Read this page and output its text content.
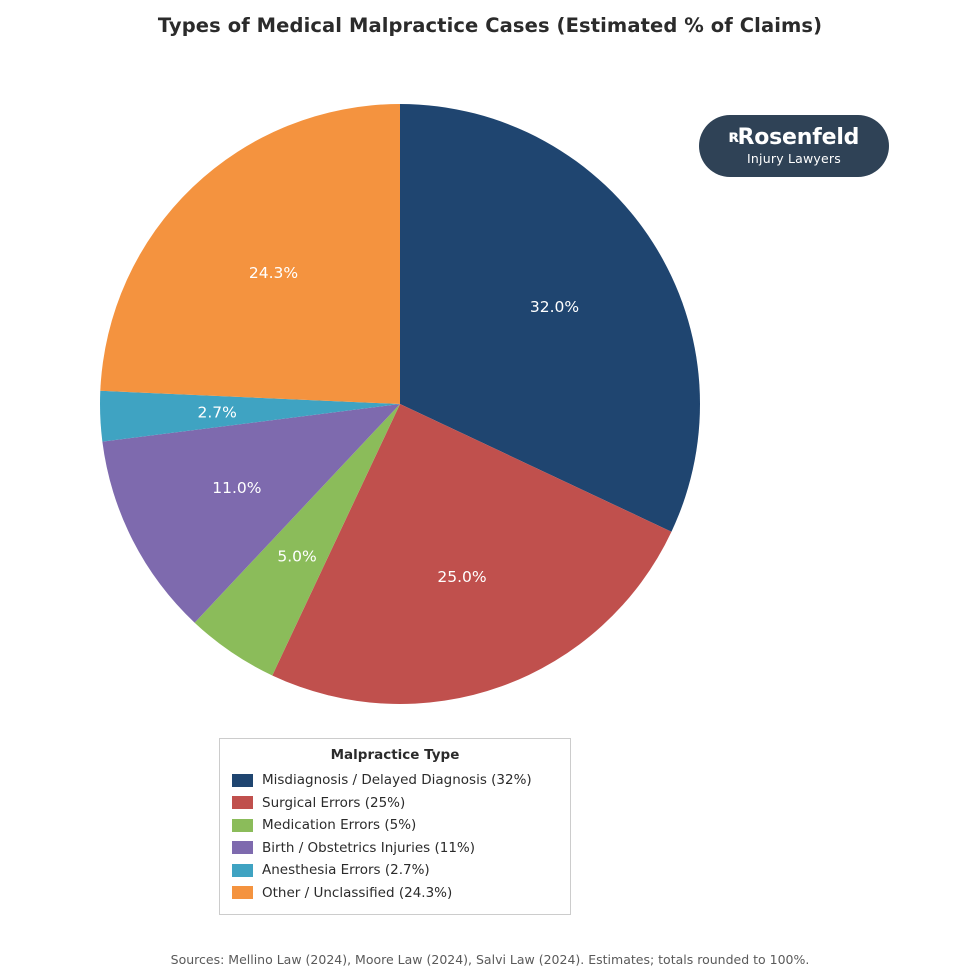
Types of Medical Malpractice Cases (Estimated % of Claims)
32.0%
25.0%
5.0%
11.0%
2.7%
24.3%
ʀRosenfeld
Injury Lawyers
Malpractice Type
Misdiagnosis / Delayed Diagnosis (32%)
Surgical Errors (25%)
Medication Errors (5%)
Birth / Obstetrics Injuries (11%)
Anesthesia Errors (2.7%)
Other / Unclassified (24.3%)
Sources: Mellino Law (2024), Moore Law (2024), Salvi Law (2024). Estimates; totals rounded to 100%.
